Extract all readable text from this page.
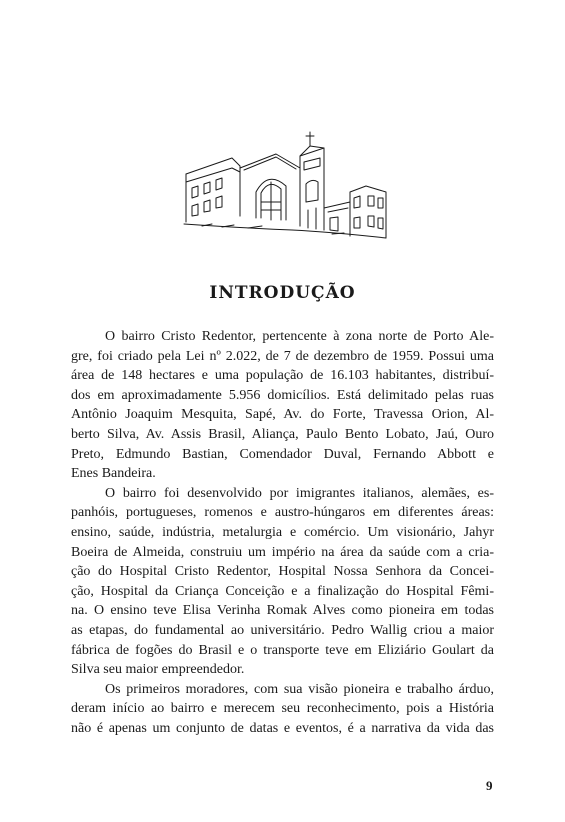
INTRODUÇÃO
O bairro Cristo Redentor, pertencente à zona norte de Porto Ale-
gre, foi criado pela Lei nº 2.022, de 7 de dezembro de 1959. Possui uma
área de 148 hectares e uma população de 16.103 habitantes, distribuí-
dos em aproximadamente 5.956 domicílios. Está delimitado pelas ruas
Antônio Joaquim Mesquita, Sapé, Av. do Forte, Travessa Orion, Al-
berto Silva, Av. Assis Brasil, Aliança, Paulo Bento Lobato, Jaú, Ouro
Preto, Edmundo Bastian, Comendador Duval, Fernando Abbott e
Enes Bandeira.
O bairro foi desenvolvido por imigrantes italianos, alemães, es-
panhóis, portugueses, romenos e austro-húngaros em diferentes áreas:
ensino, saúde, indústria, metalurgia e comércio. Um visionário, Jahyr
Boeira de Almeida, construiu um império na área da saúde com a cria-
ção do Hospital Cristo Redentor, Hospital Nossa Senhora da Concei-
ção, Hospital da Criança Conceição e a finalização do Hospital Fêmi-
na. O ensino teve Elisa Verinha Romak Alves como pioneira em todas
as etapas, do fundamental ao universitário. Pedro Wallig criou a maior
fábrica de fogões do Brasil e o transporte teve em Eliziário Goulart da
Silva seu maior empreendedor.
Os primeiros moradores, com sua visão pioneira e trabalho árduo,
deram início ao bairro e merecem seu reconhecimento, pois a História
não é apenas um conjunto de datas e eventos, é a narrativa da vida das
9
